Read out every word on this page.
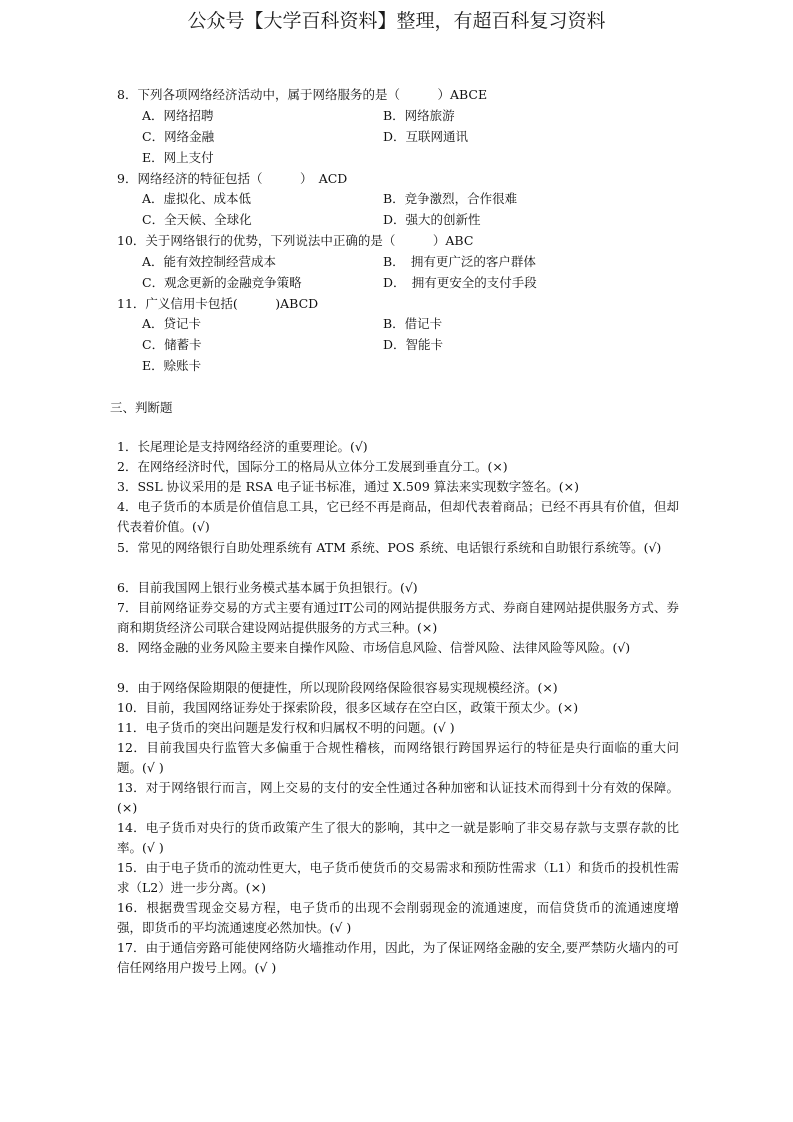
公众号【大学百科资料】整理，有超百科复习资料
8．下列各项网络经济活动中，属于网络服务的是（　　　）ABCE
A．网络招聘	B．网络旅游
C．网络金融	D．互联网通讯
E．网上支付
9．网络经济的特征包括（　　　）　ACD
A．虚拟化、成本低	B．竞争激烈，合作很难
C．全天候、全球化	D．强大的创新性
10．关于网络银行的优势，下列说法中正确的是（　　　）ABC
A．能有效控制经营成本	B．　拥有更广泛的客户群体
C．观念更新的金融竞争策略	D．　拥有更安全的支付手段
11．广义信用卡包括(　　　)ABCD
A．贷记卡	B．借记卡
C．储蓄卡	D．智能卡
E．赊账卡
三、判断题
1．长尾理论是支持网络经济的重要理论。(√)
2．在网络经济时代，国际分工的格局从立体分工发展到垂直分工。(×)
3．SSL 协议采用的是 RSA 电子证书标准，通过 X.509 算法来实现数字签名。(×)
4．电子货币的本质是价值信息工具，它已经不再是商品，但却代表着商品；已经不再具有价值，但却代表着价值。(√)
5．常见的网络银行自助处理系统有 ATM 系统、POS 系统、电话银行系统和自助银行系统等。(√)
6．目前我国网上银行业务模式基本属于负担银行。(√)
7．目前网络证券交易的方式主要有通过IT公司的网站提供服务方式、券商自建网站提供服务方式、券商和期货经济公司联合建设网站提供服务的方式三种。(×)
8．网络金融的业务风险主要来自操作风险、市场信息风险、信誉风险、法律风险等风险。(√)
9．由于网络保险期限的便捷性，所以现阶段网络保险很容易实现规模经济。(×)
10．目前，我国网络证券处于探索阶段，很多区域存在空白区，政策干预太少。(×)
11．电子货币的突出问题是发行权和归属权不明的问题。(√ )
12．目前我国央行监管大多偏重于合规性稽核，而网络银行跨国界运行的特征是央行面临的重大问题。(√ )
13．对于网络银行而言，网上交易的支付的安全性通过各种加密和认证技术而得到十分有效的保障。(×)
14．电子货币对央行的货币政策产生了很大的影响，其中之一就是影响了非交易存款与支票存款的比率。(√ )
15．由于电子货币的流动性更大，电子货币使货币的交易需求和预防性需求（L1）和货币的投机性需求（L2）进一步分离。(×)
16．根据费雪现金交易方程，电子货币的出现不会削弱现金的流通速度，而信贷货币的流通速度增强，即货币的平均流通速度必然加快。(√ )
17．由于通信旁路可能使网络防火墙推动作用，因此，为了保证网络金融的安全,要严禁防火墙内的可信任网络用户拨号上网。(√ )
